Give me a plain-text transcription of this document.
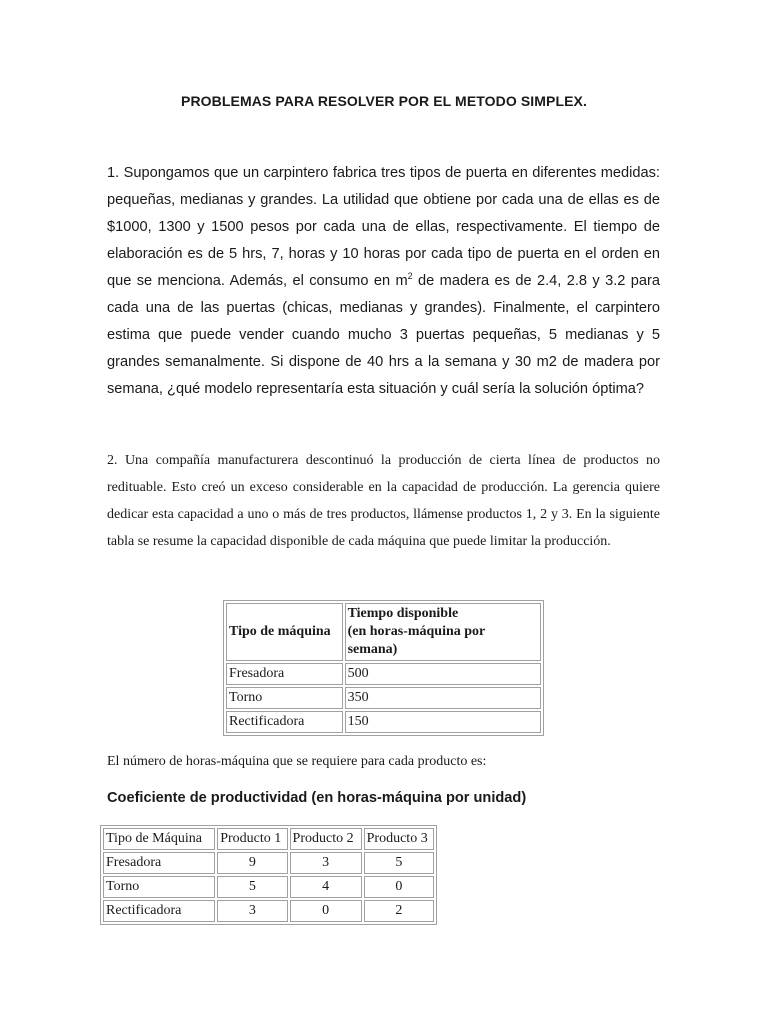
PROBLEMAS PARA RESOLVER POR EL METODO SIMPLEX.

1. Supongamos que un carpintero fabrica tres tipos de puerta en diferentes medidas: pequeñas, medianas y grandes. La utilidad que obtiene por cada una de ellas es de $1000, 1300 y 1500 pesos por cada una de ellas, respectivamente. El tiempo de elaboración es de 5 hrs, 7, horas y 10 horas por cada tipo de puerta en el orden en que se menciona. Además, el consumo en $m^2$ de madera es de 2.4, 2.8 y 3.2 para cada una de las puertas (chicas, medianas y grandes). Finalmente, el carpintero estima que puede vender cuando mucho 3 puertas pequeñas, 5 medianas y 5 grandes semanalmente. Si dispone de 40 hrs a la semana y 30 m2 de madera por semana, ¿qué modelo representaría esta situación y cuál sería la solución óptima?

2. Una compañía manufacturera descontinuó la producción de cierta línea de productos no redituable. Esto creó un exceso considerable en la capacidad de producción. La gerencia quiere dedicar esta capacidad a uno o más de tres productos, llámense productos 1, 2 y 3. En la siguiente tabla se resume la capacidad disponible de cada máquina que puede limitar la producción.

Tipo de máquina	Tiempo disponible
(en horas-máquina por semana)
Fresadora	500
Torno	350
Rectificadora	150

El número de horas-máquina que se requiere para cada producto es:

Coeficiente de productividad (en horas-máquina por unidad)
Tipo de Máquina	Producto 1	Producto 2	Producto 3
Fresadora	9	3	5
Torno	5	4	0
Rectificadora	3	0	2
